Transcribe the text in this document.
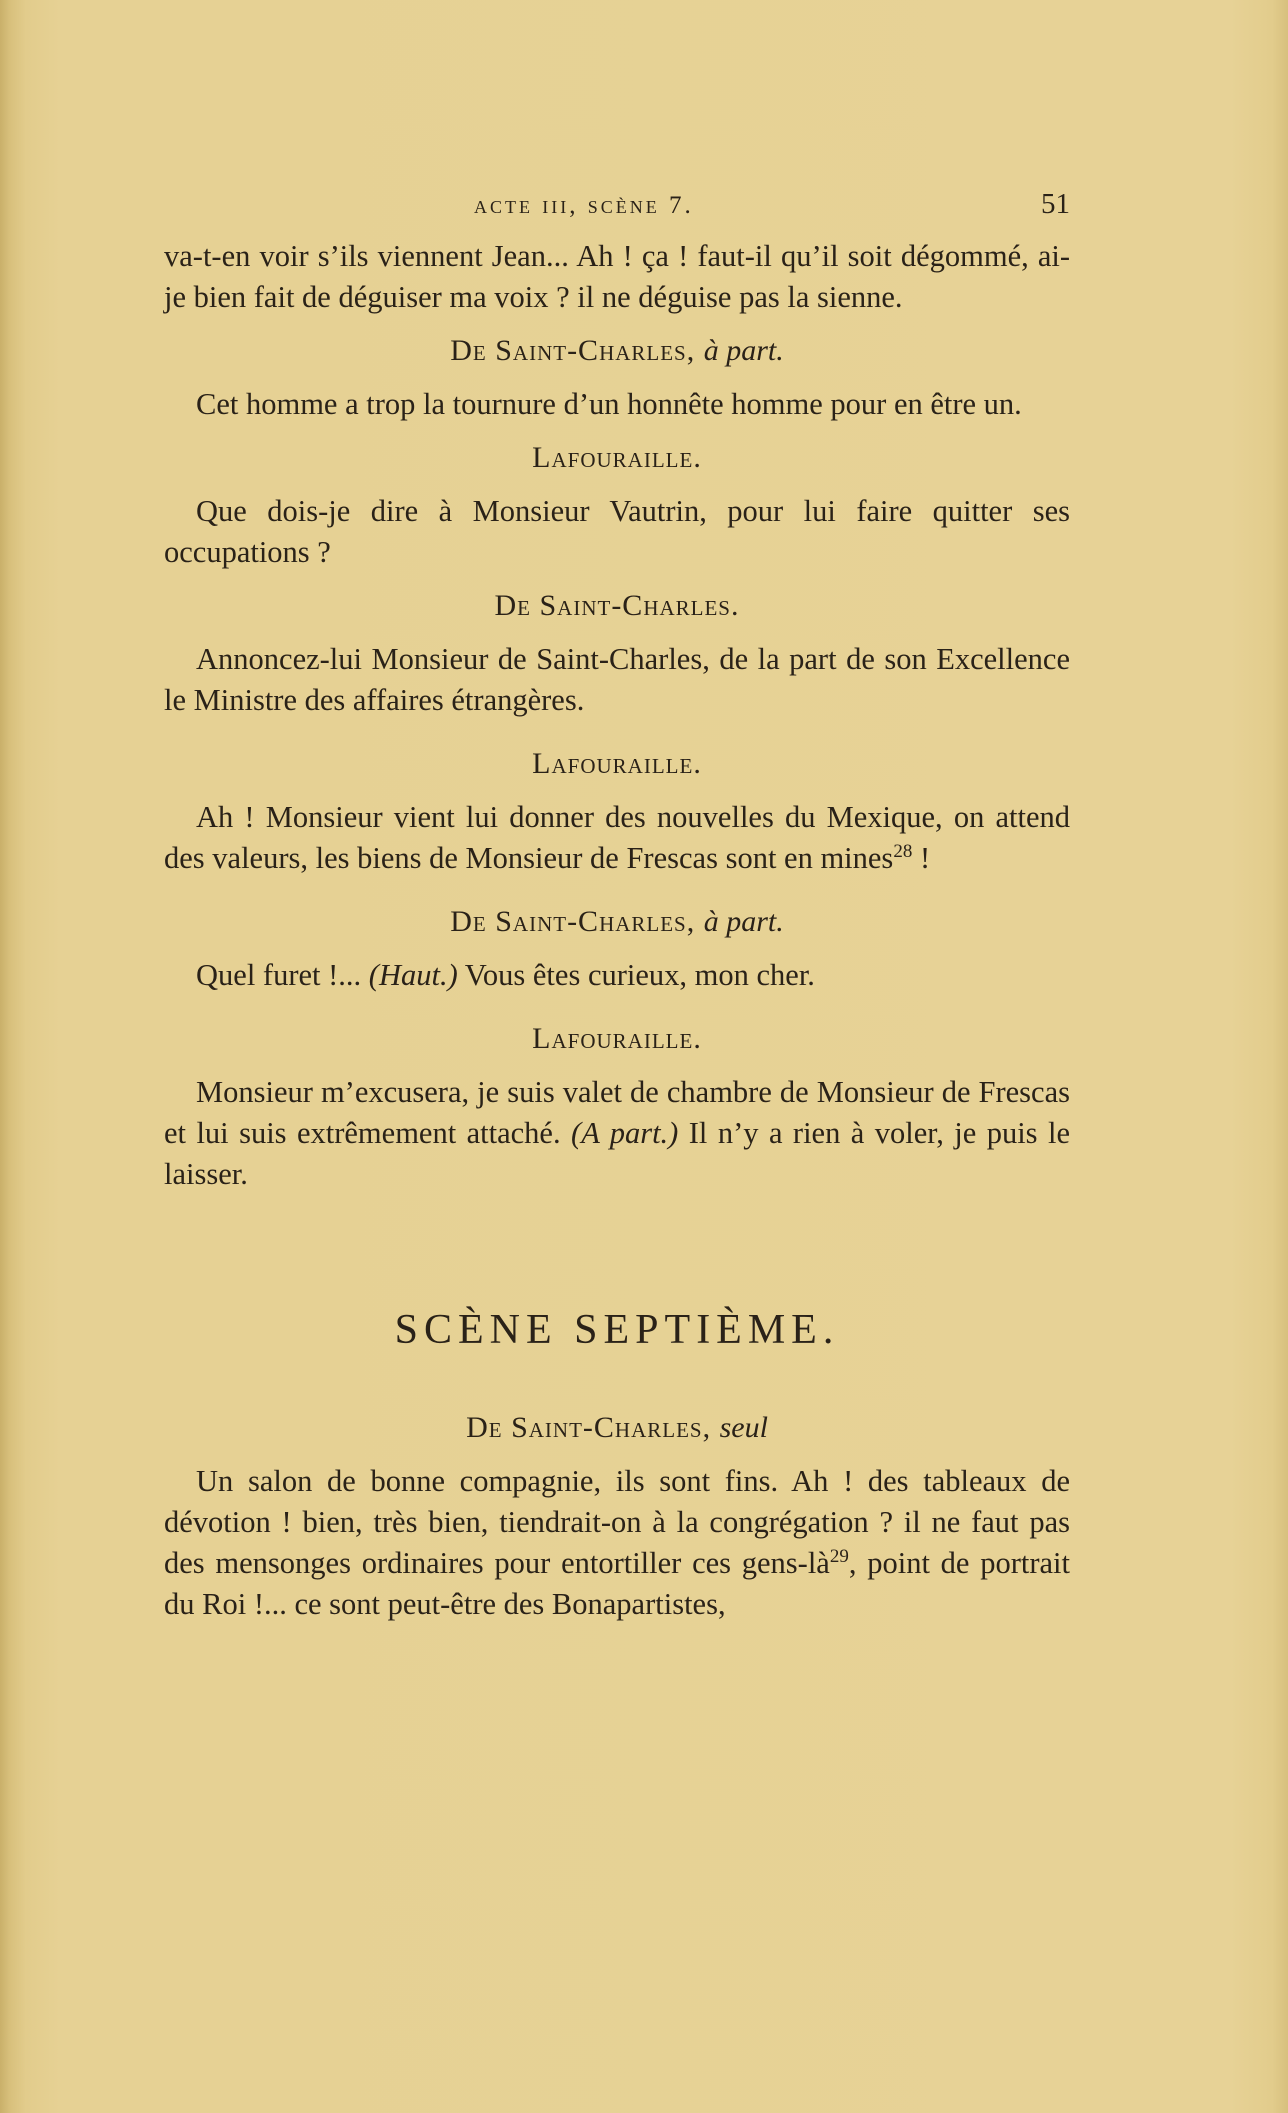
acte iii, scène 7.	51

va-t-en voir s’ils viennent Jean... Ah ! ça ! faut-il qu’il soit dégommé, ai-je bien fait de déguiser ma voix ? il ne déguise pas la sienne.

De Saint-Charles, à part.

Cet homme a trop la tournure d’un honnête homme pour en être un.

Lafouraille.

Que dois-je dire à Monsieur Vautrin, pour lui faire quitter ses occupations ?

De Saint-Charles.

Annoncez-lui Monsieur de Saint-Charles, de la part de son Excellence le Ministre des affaires étrangères.

Lafouraille.

Ah ! Monsieur vient lui donner des nouvelles du Mexique, on attend des valeurs, les biens de Monsieur de Frescas sont en mines$^{28}$ !

De Saint-Charles, à part.

Quel furet !... (Haut.) Vous êtes curieux, mon cher.

Lafouraille.

Monsieur m’excusera, je suis valet de chambre de Monsieur de Frescas et lui suis extrêmement attaché. (A part.) Il n’y a rien à voler, je puis le laisser.

SCÈNE SEPTIÈME.
De Saint-Charles, seul

Un salon de bonne compagnie, ils sont fins. Ah ! des tableaux de dévotion ! bien, très bien, tiendrait-on à la congrégation ? il ne faut pas des mensonges ordinaires pour entortiller ces gens-$là^{29}$, point de portrait du Roi !... ce sont peut-être des Bonapartistes,
